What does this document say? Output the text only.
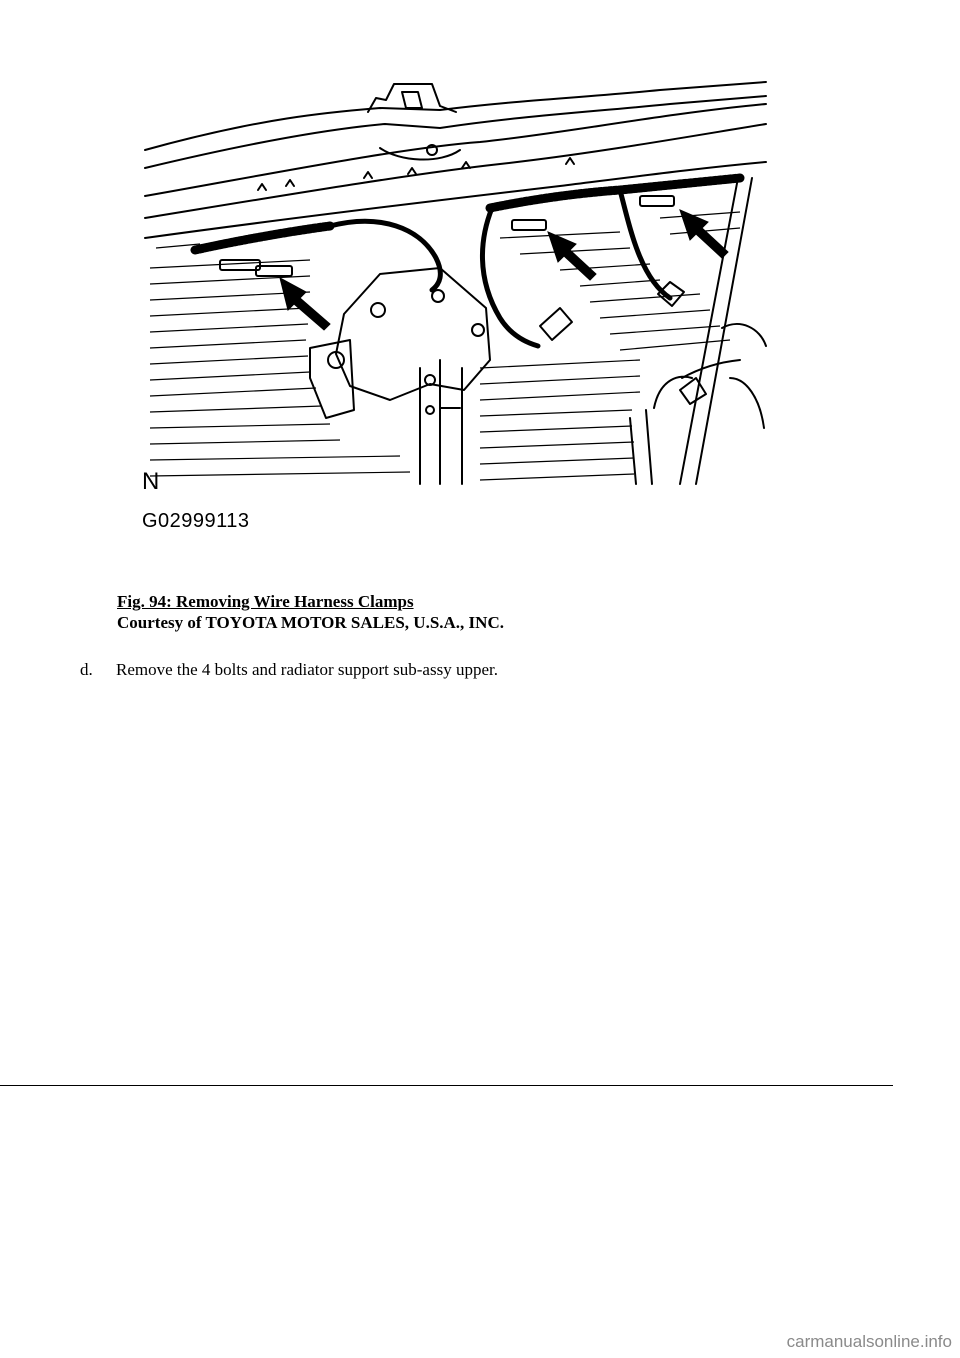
N
G02999113
Fig. 94: Removing Wire Harness Clamps
Courtesy of TOYOTA MOTOR SALES, U.S.A., INC.
d. Remove the 4 bolts and radiator support sub-assy upper.
carmanualsonline.info
